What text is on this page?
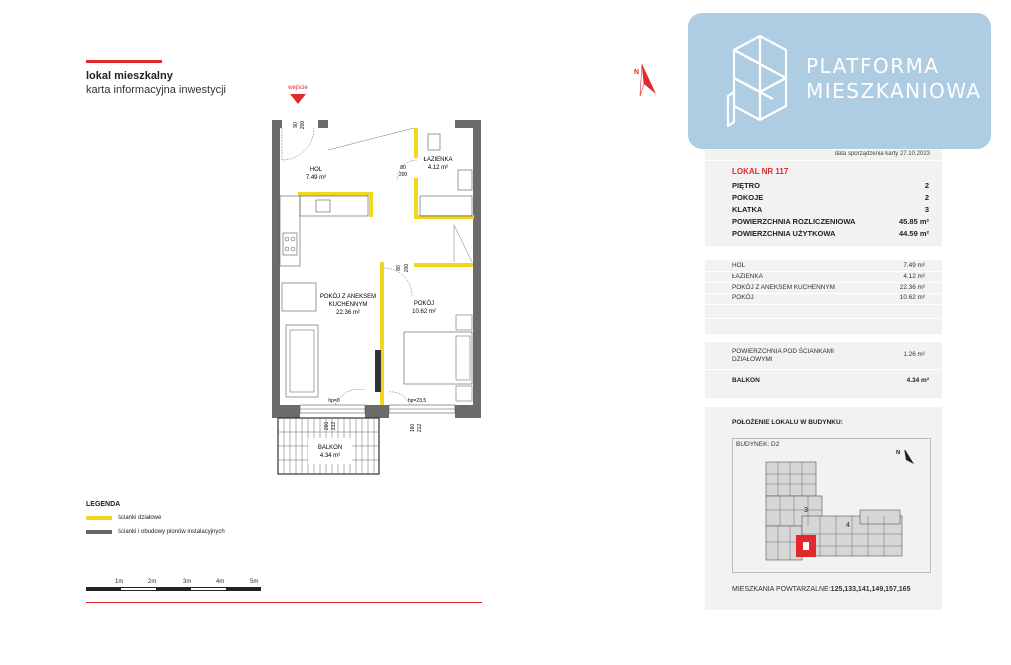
lokal mieszkalny
karta informacyjna inwestycji	wejście
HOL
7.49 m²
ŁAZIENKA
4.12 m²
POKÓJ Z ANEKSEM
KUCHENNYM
22.36 m²
POKÓJ
10.62 m²
BALKON
4.34 m²
90 200
80
200
80 200
260 212	160 212
hp=0	hp=23,5
N
LEGENDA
ścianki działowe
ścianki i obudowy pionów instalacyjnych
1m	2m	3m	4m	5m
PLATFORMA
MIESZKANIOWA
data sporządzenia karty 27.10.2023
LOKAL NR 117
PIĘTRO	2
POKOJE	2
KLATKA	3
POWIERZCHNIA ROZLICZENIOWA	45.85 m²
POWIERZCHNIA UŻYTKOWA	44.59 m²
HOL	7.49 m²
ŁAZIENKA	4.12 m²
POKÓJ Z ANEKSEM KUCHENNYM	22.36 m²
POKÓJ	10.62 m²
POWIERZCHNIA POD ŚCIANKAMI
DZIAŁOWYMI
1.26 m²
BALKON	4.34 m²
POŁOŻENIE LOKALU W BUDYNKU:
BUDYNEK: D2
3
4
N
MIESZKANIA POWTARZALNE:125,133,141,149,157,165
